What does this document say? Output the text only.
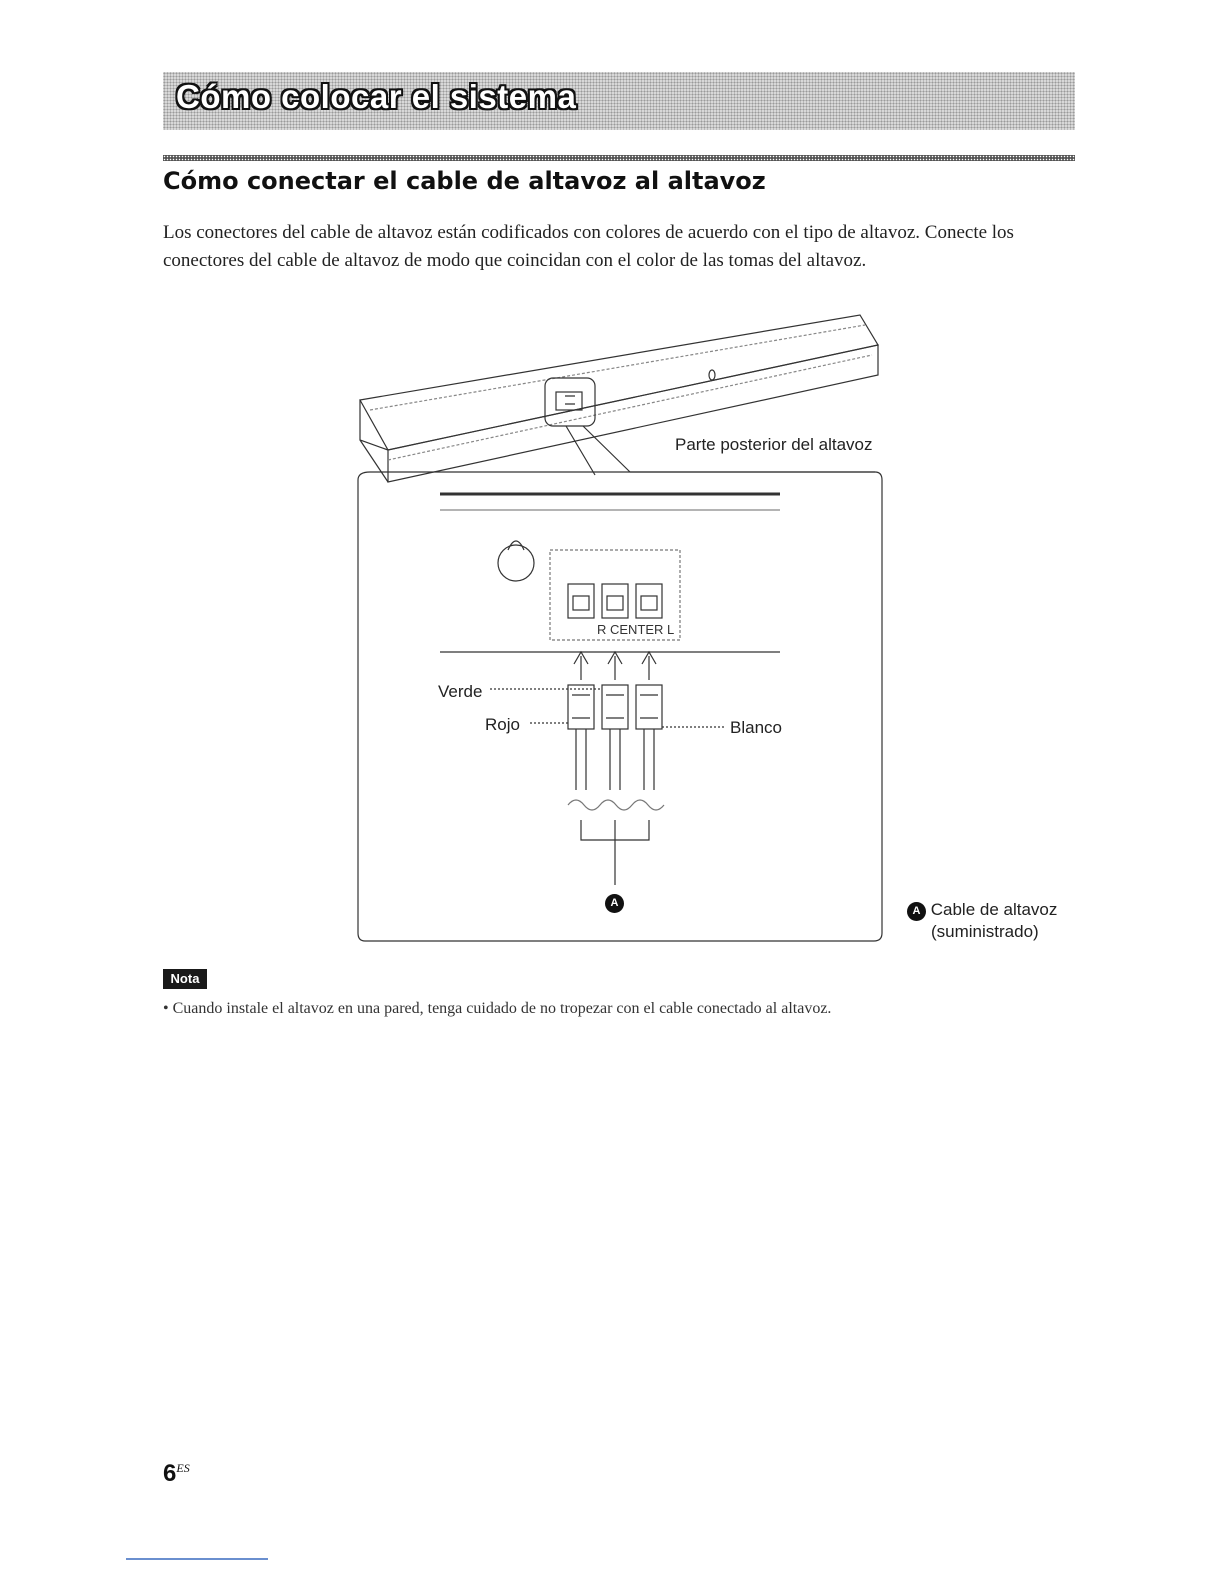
Cómo colocar el sistema
Cómo conectar el cable de altavoz al altavoz

Los conectores del cable de altavoz están codificados con colores de acuerdo con el tipo de altavoz. Conecte los conectores del cable de altavoz de modo que coincidan con el color de las tomas del altavoz.

R CENTER L
Parte posterior del altavoz
Verde
Rojo	Blanco
A
A Cable de altavoz
(suministrado)
Nota

• Cuando instale el altavoz en una pared, tenga cuidado de no tropezar con el cable conectado al altavoz.

$6^{ES}$
